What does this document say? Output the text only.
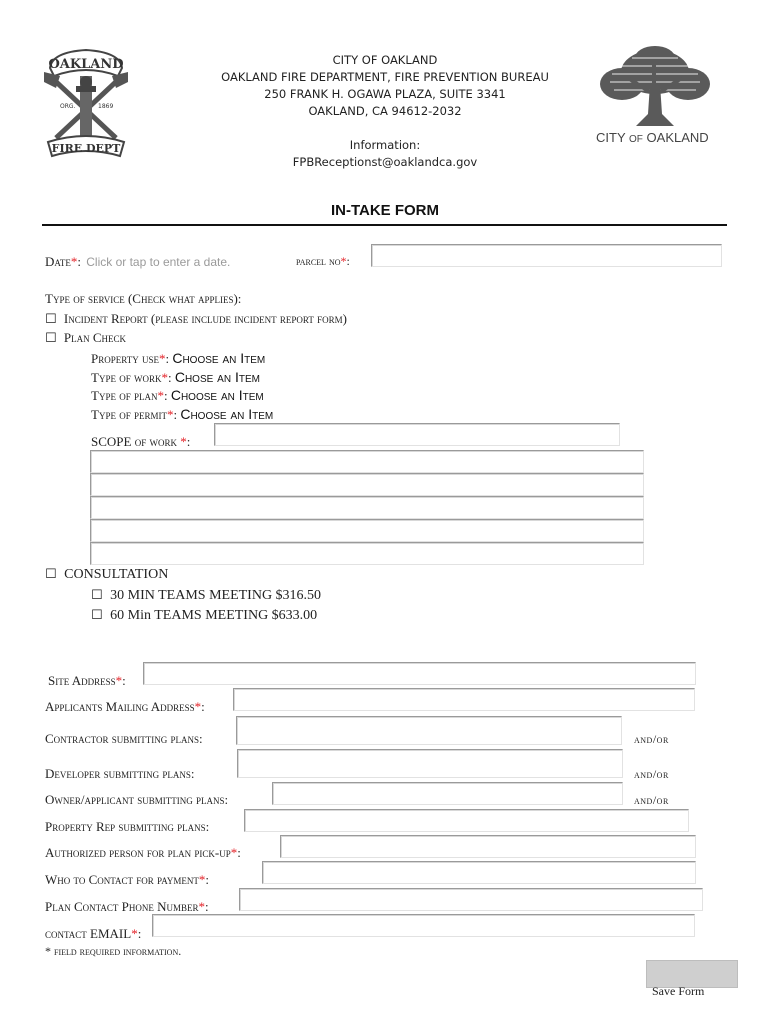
OAKLAND
ORG.	1869
FIRE DEPT
CITY OF OAKLAND
OAKLAND FIRE DEPARTMENT, FIRE PREVENTION BUREAU
250 FRANK H. OGAWA PLAZA, SUITE 3341
OAKLAND, CA 94612-2032
Information:
FPBReceptionst@oaklandca.gov
CITY OF OAKLAND
IN-TAKE FORM
Date*: Click or tap to enter a date.	parcel no*:
Type of service (Check what applies):
☐ Incident Report (please include incident report form)
☐ Plan Check
Property use*: Choose an Item
Type of work*: Chose an Item
Type of plan*: Choose an Item
Type of permit*: Choose an Item
SCOPE of work *:
☐ CONSULTATION
☐ 30 MIN TEAMS MEETING $316.50
☐ 60 Min TEAMS MEETING $633.00
Site Address*:
Applicants Mailing Address*:
Contractor submitting plans:	and/or
Developer submitting plans:	and/or
Owner/applicant submitting plans:	and/or
Property Rep submitting plans:
Authorized person for plan pick-up*:
Who to Contact for payment*:
Plan Contact Phone Number*:
contact EMAIL*:
* field required information.
Save Form
